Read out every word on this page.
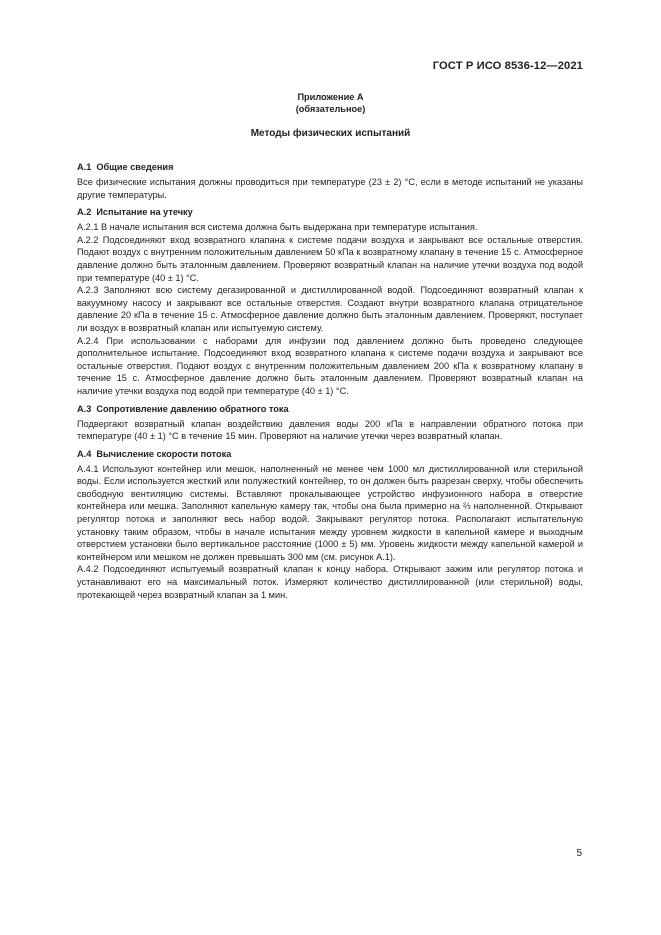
ГОСТ Р ИСО 8536-12—2021
Приложение А
(обязательное)
Методы физических испытаний
А.1 Общие сведения

Все физические испытания должны проводиться при температуре (23 ± 2) °С, если в методе испытаний не указаны другие температуры.

А.2 Испытание на утечку

А.2.1 В начале испытания вся система должна быть выдержана при температуре испытания.

А.2.2 Подсоединяют вход возвратного клапана к системе подачи воздуха и закрывают все остальные отверстия. Подают воздух с внутренним положительным давлением 50 кПа к возвратному клапану в течение 15 с. Атмосферное давление должно быть эталонным давлением. Проверяют возвратный клапан на наличие утечки воздуха под водой при температуре (40 ± 1) °С.

А.2.3 Заполняют всю систему дегазированной и дистиллированной водой. Подсоединяют возвратный клапан к вакуумному насосу и закрывают все остальные отверстия. Создают внутри возвратного клапана отрицательное давление 20 кПа в течение 15 с. Атмосферное давление должно быть эталонным давлением. Проверяют, поступает ли воздух в возвратный клапан или испытуемую систему.

А.2.4 При использовании с наборами для инфузии под давлением должно быть проведено следующее дополнительное испытание. Подсоединяют вход возвратного клапана к системе подачи воздуха и закрывают все остальные отверстия. Подают воздух с внутренним положительным давлением 200 кПа к возвратному клапану в течение 15 с. Атмосферное давление должно быть эталонным давлением. Проверяют возвратный клапан на наличие утечки воздуха под водой при температуре (40 ± 1) °С.

А.3 Сопротивление давлению обратного тока

Подвергают возвратный клапан воздействию давления воды 200 кПа в направлении обратного потока при температуре (40 ± 1) °С в течение 15 мин. Проверяют на наличие утечки через возвратный клапан.

А.4 Вычисление скорости потока

А.4.1 Используют контейнер или мешок, наполненный не менее чем 1000 мл дистиллированной или стерильной воды. Если используется жесткий или полужесткий контейнер, то он должен быть разрезан сверху, чтобы обеспечить свободную вентиляцию системы. Вставляют прокалывающее устройство инфузионного набора в отверстие контейнера или мешка. Заполняют капельную камеру так, чтобы она была примерно на ⅔ наполненной. Открывают регулятор потока и заполняют весь набор водой. Закрывают регулятор потока. Располагают испытательную установку таким образом, чтобы в начале испытания между уровнем жидкости в капельной камере и выходным отверстием установки было вертикальное расстояние (1000 ± 5) мм. Уровень жидкости между капельной камерой и контейнером или мешком не должен превышать 300 мм (см. рисунок А.1).

А.4.2 Подсоединяют испытуемый возвратный клапан к концу набора. Открывают зажим или регулятор потока и устанавливают его на максимальный поток. Измеряют количество дистиллированной (или стерильной) воды, протекающей через возвратный клапан за 1 мин.

5
